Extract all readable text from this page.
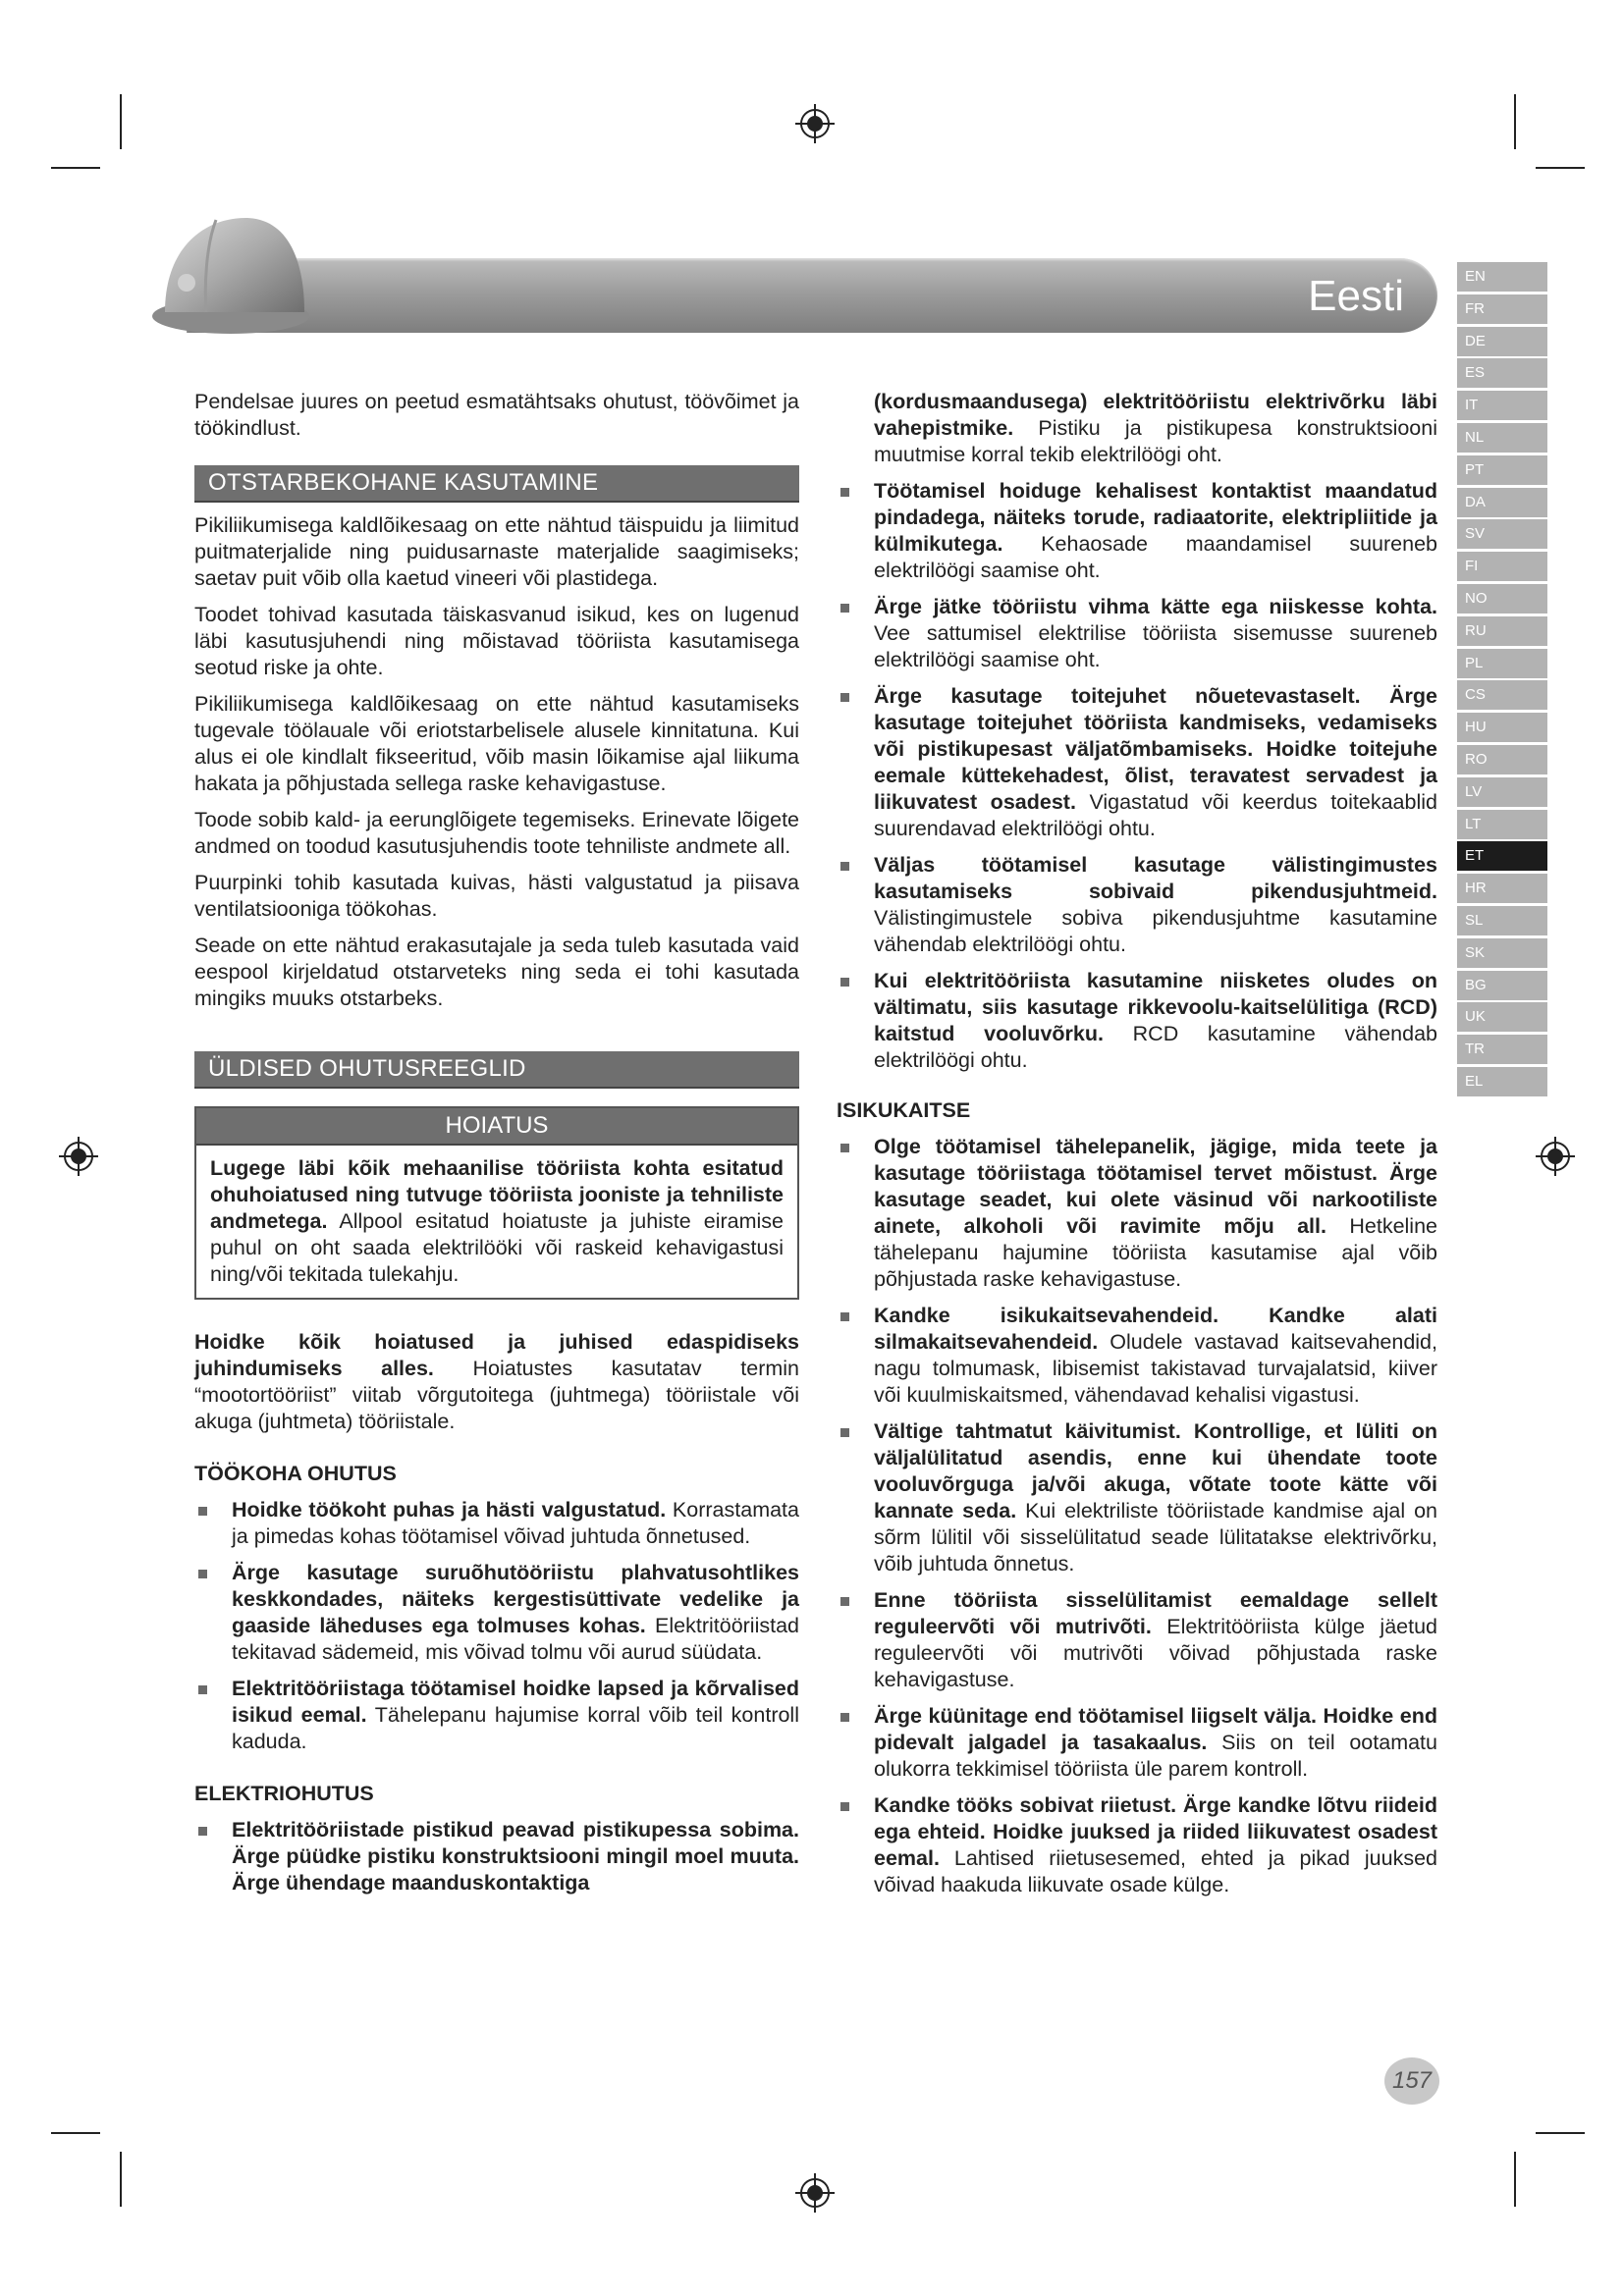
Eesti	EN
FR
DE
ES
IT
NL
PT
DA
SV
FI
NO
RU
PL
CS
HU
RO
LV
LT
ET
HR
SL
SK
BG
UK
TR
EL

Pendelsae juures on peetud esmatähtsaks ohutust, töövõimet ja töökindlust.

OTSTARBEKOHANE KASUTAMINE

Pikiliikumisega kaldlõikesaag on ette nähtud täispuidu ja liimitud puitmaterjalide ning puidusarnaste materjalide saagimiseks; saetav puit võib olla kaetud vineeri või plastidega.

Toodet tohivad kasutada täiskasvanud isikud, kes on lugenud läbi kasutusjuhendi ning mõistavad tööriista kasutamisega seotud riske ja ohte.

Pikiliikumisega kaldlõikesaag on ette nähtud kasutamiseks tugevale töölauale või eriotstarbelisele alusele kinnitatuna. Kui alus ei ole kindlalt fikseeritud, võib masin lõikamise ajal liikuma hakata ja põhjustada sellega raske kehavigastuse.

Toode sobib kald- ja eerunglõigete tegemiseks. Erinevate lõigete andmed on toodud kasutusjuhendis toote tehniliste andmete all.

Puurpinki tohib kasutada kuivas, hästi valgustatud ja piisava ventilatsiooniga töökohas.

Seade on ette nähtud erakasutajale ja seda tuleb kasutada vaid eespool kirjeldatud otstarveteks ning seda ei tohi kasutada mingiks muuks otstarbeks.

ÜLDISED OHUTUSREEGLID
HOIATUS

Lugege läbi kõik mehaanilise tööriista kohta esitatud ohuhoiatused ning tutvuge tööriista jooniste ja tehniliste andmetega. Allpool esitatud hoiatuste ja juhiste eiramise puhul on oht saada elektrilööki või raskeid kehavigastusi ning/või tekitada tulekahju.

Hoidke kõik hoiatused ja juhised edaspidiseks juhindumiseks alles. Hoiatustes kasutatav termin “mootortööriist” viitab võrgutoitega (juhtmega) tööriistale või akuga (juhtmeta) tööriistale.

TÖÖKOHA OHUTUS
Hoidke töökoht puhas ja hästi valgustatud. Korrastamata ja pimedas kohas töötamisel võivad juhtuda õnnetused.
Ärge kasutage suruõhutööriistu plahvatusohtlikes keskkondades, näiteks kergestisüttivate vedelike ja gaaside läheduses ega tolmuses kohas. Elektritööriistad tekitavad sädemeid, mis võivad tolmu või aurud süüdata.
Elektritööriistaga töötamisel hoidke lapsed ja kõrvalised isikud eemal. Tähelepanu hajumise korral võib teil kontroll kaduda.
ELEKTRIOHUTUS
Elektritööriistade pistikud peavad pistikupessa sobima. Ärge püüdke pistiku konstruktsiooni mingil moel muuta. Ärge ühendage maanduskontaktiga

(kordusmaandusega) elektritööriistu elektrivõrku läbi vahepistmike. Pistiku ja pistikupesa konstruktsiooni muutmise korral tekib elektrilöögi oht.

Töötamisel hoiduge kehalisest kontaktist maandatud pindadega, näiteks torude, radiaatorite, elektripliitide ja külmikutega. Kehaosade maandamisel suureneb elektrilöögi saamise oht.
Ärge jätke tööriistu vihma kätte ega niiskesse kohta. Vee sattumisel elektrilise tööriista sisemusse suureneb elektrilöögi saamise oht.
Ärge kasutage toitejuhet nõuetevastaselt. Ärge kasutage toitejuhet tööriista kandmiseks, vedamiseks või pistikupesast väljatõmbamiseks. Hoidke toitejuhe eemale küttekehadest, õlist, teravatest servadest ja liikuvatest osadest. Vigastatud või keerdus toitekaablid suurendavad elektrilöögi ohtu.
Väljas töötamisel kasutage välistingimustes kasutamiseks sobivaid pikendusjuhtmeid. Välistingimustele sobiva pikendusjuhtme kasutamine vähendab elektrilöögi ohtu.
Kui elektritööriista kasutamine niisketes oludes on vältimatu, siis kasutage rikkevoolu-kaitselülitiga (RCD) kaitstud vooluvõrku. RCD kasutamine vähendab elektrilöögi ohtu.
ISIKUKAITSE
Olge töötamisel tähelepanelik, jägige, mida teete ja kasutage tööriistaga töötamisel tervet mõistust. Ärge kasutage seadet, kui olete väsinud või narkootiliste ainete, alkoholi või ravimite mõju all. Hetkeline tähelepanu hajumine tööriista kasutamise ajal võib põhjustada raske kehavigastuse.
Kandke isikukaitsevahendeid. Kandke alati silmakaitsevahendeid. Oludele vastavad kaitsevahendid, nagu tolmumask, libisemist takistavad turvajalatsid, kiiver või kuulmiskaitsmed, vähendavad kehalisi vigastusi.
Vältige tahtmatut käivitumist. Kontrollige, et lüliti on väljalülitatud asendis, enne kui ühendate toote vooluvõrguga ja/või akuga, võtate toote kätte või kannate seda. Kui elektriliste tööriistade kandmise ajal on sõrm lülitil või sisselülitatud seade lülitatakse elektrivõrku, võib juhtuda õnnetus.
Enne tööriista sisselülitamist eemaldage sellelt reguleervõti või mutrivõti. Elektritööriista külge jäetud reguleervõti või mutrivõti võivad põhjustada raske kehavigastuse.
Ärge küünitage end töötamisel liigselt välja. Hoidke end pidevalt jalgadel ja tasakaalus. Siis on teil ootamatu olukorra tekkimisel tööriista üle parem kontroll.
Kandke tööks sobivat riietust. Ärge kandke lõtvu riideid ega ehteid. Hoidke juuksed ja riided liikuvatest osadest eemal. Lahtised riietusesemed, ehted ja pikad juuksed võivad haakuda liikuvate osade külge.
157
